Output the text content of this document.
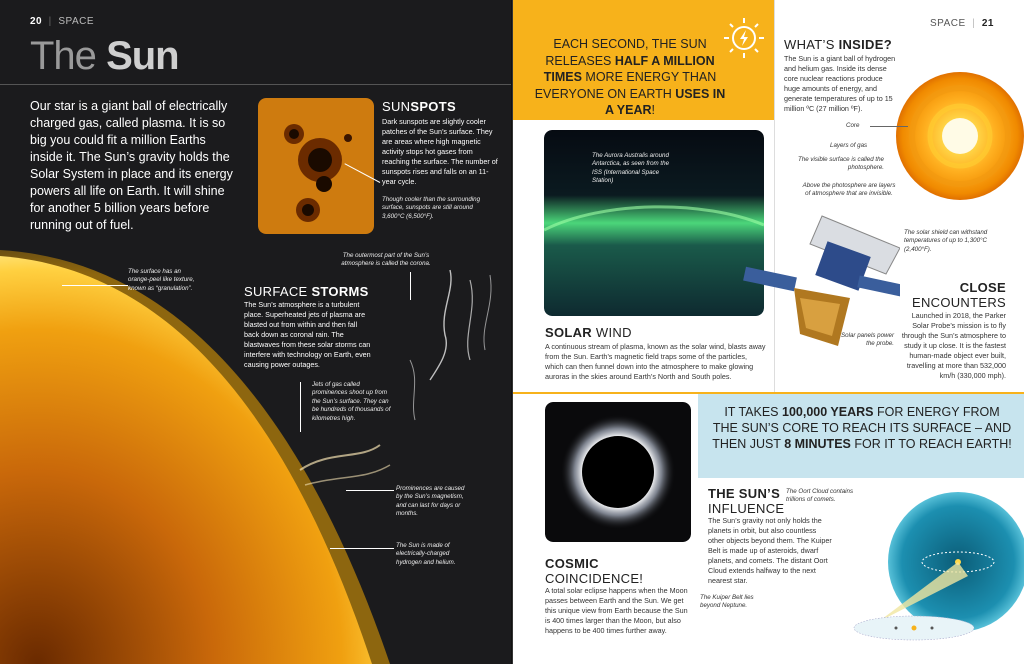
20  |  SPACE
The Sun
Our star is a giant ball of electrically charged gas, called plasma. It is so big you could fit a million Earths inside it. The Sun’s gravity holds the Solar System in place and its energy powers all life on Earth. It will shine for another 5 billion years before running out of fuel.
SUNSPOTS
Dark sunspots are slightly cooler patches of the Sun’s surface. They are areas where high magnetic activity stops hot gases from reaching the surface. The number of sunspots rises and falls on an 11-year cycle.
Though cooler than the surrounding surface, sunspots are still around 3,600°C (6,500°F).
The outermost part of the Sun’s atmosphere is called the corona.
The surface has an orange-peel like texture, known as “granulation”.	SURFACE STORMS
The Sun’s atmosphere is a turbulent place. Superheated jets of plasma are blasted out from within and then fall back down as coronal rain. The blastwaves from these solar storms can interfere with technology on Earth, even causing power outages.
Jets of gas called prominences shoot up from the Sun’s surface. They can be hundreds of thousands of kilometres high.
Prominences are caused by the Sun’s magnetism, and can last for days or months.
The Sun is made of electrically-charged hydrogen and helium.
EACH SECOND, THE SUN RELEASES HALF A MILLION TIMES MORE ENERGY THAN EVERYONE ON EARTH USES IN A YEAR!
SPACE  |  21
WHAT’S INSIDE?
The Sun is a giant ball of hydrogen and helium gas. Inside its dense core nuclear reactions produce huge amounts of energy, and generate temperatures of up to 15 million ºC (27 million ºF).
Core
Layers of gas
The visible surface is called the photosphere.
Above the photosphere are layers of atmosphere that are invisible.
The Aurora Australis around Antarctica, as seen from the ISS (International Space Station)
SOLAR WIND
A continuous stream of plasma, known as the solar wind, blasts away from the Sun. Earth’s magnetic field traps some of the particles, which can then funnel down into the atmosphere to make glowing auroras in the skies around Earth’s North and South poles.
The solar shield can withstand temperatures of up to 1,300°C (2,400°F).
Solar panels power the probe.
CLOSE
ENCOUNTERS
Launched in 2018, the Parker Solar Probe’s mission is to fly through the Sun’s atmosphere to study it up close. It is the fastest human-made object ever built, travelling at more than 532,000 km/h (330,000 mph).
COSMIC
COINCIDENCE!
A total solar eclipse happens when the Moon passes between Earth and the Sun. We get this unique view from Earth because the Sun is 400 times larger than the Moon, but also happens to be 400 times further away.
IT TAKES 100,000 YEARS FOR ENERGY FROM THE SUN’S CORE TO REACH ITS SURFACE – AND THEN JUST 8 MINUTES FOR IT TO REACH EARTH!
THE SUN’S
INFLUENCE
The Sun’s gravity not only holds the planets in orbit, but also countless other objects beyond them. The Kuiper Belt is made up of asteroids, dwarf planets, and comets. The distant Oort Cloud extends halfway to the next nearest star.
The Oort Cloud contains trillions of comets.
The Kuiper Belt lies beyond Neptune.
